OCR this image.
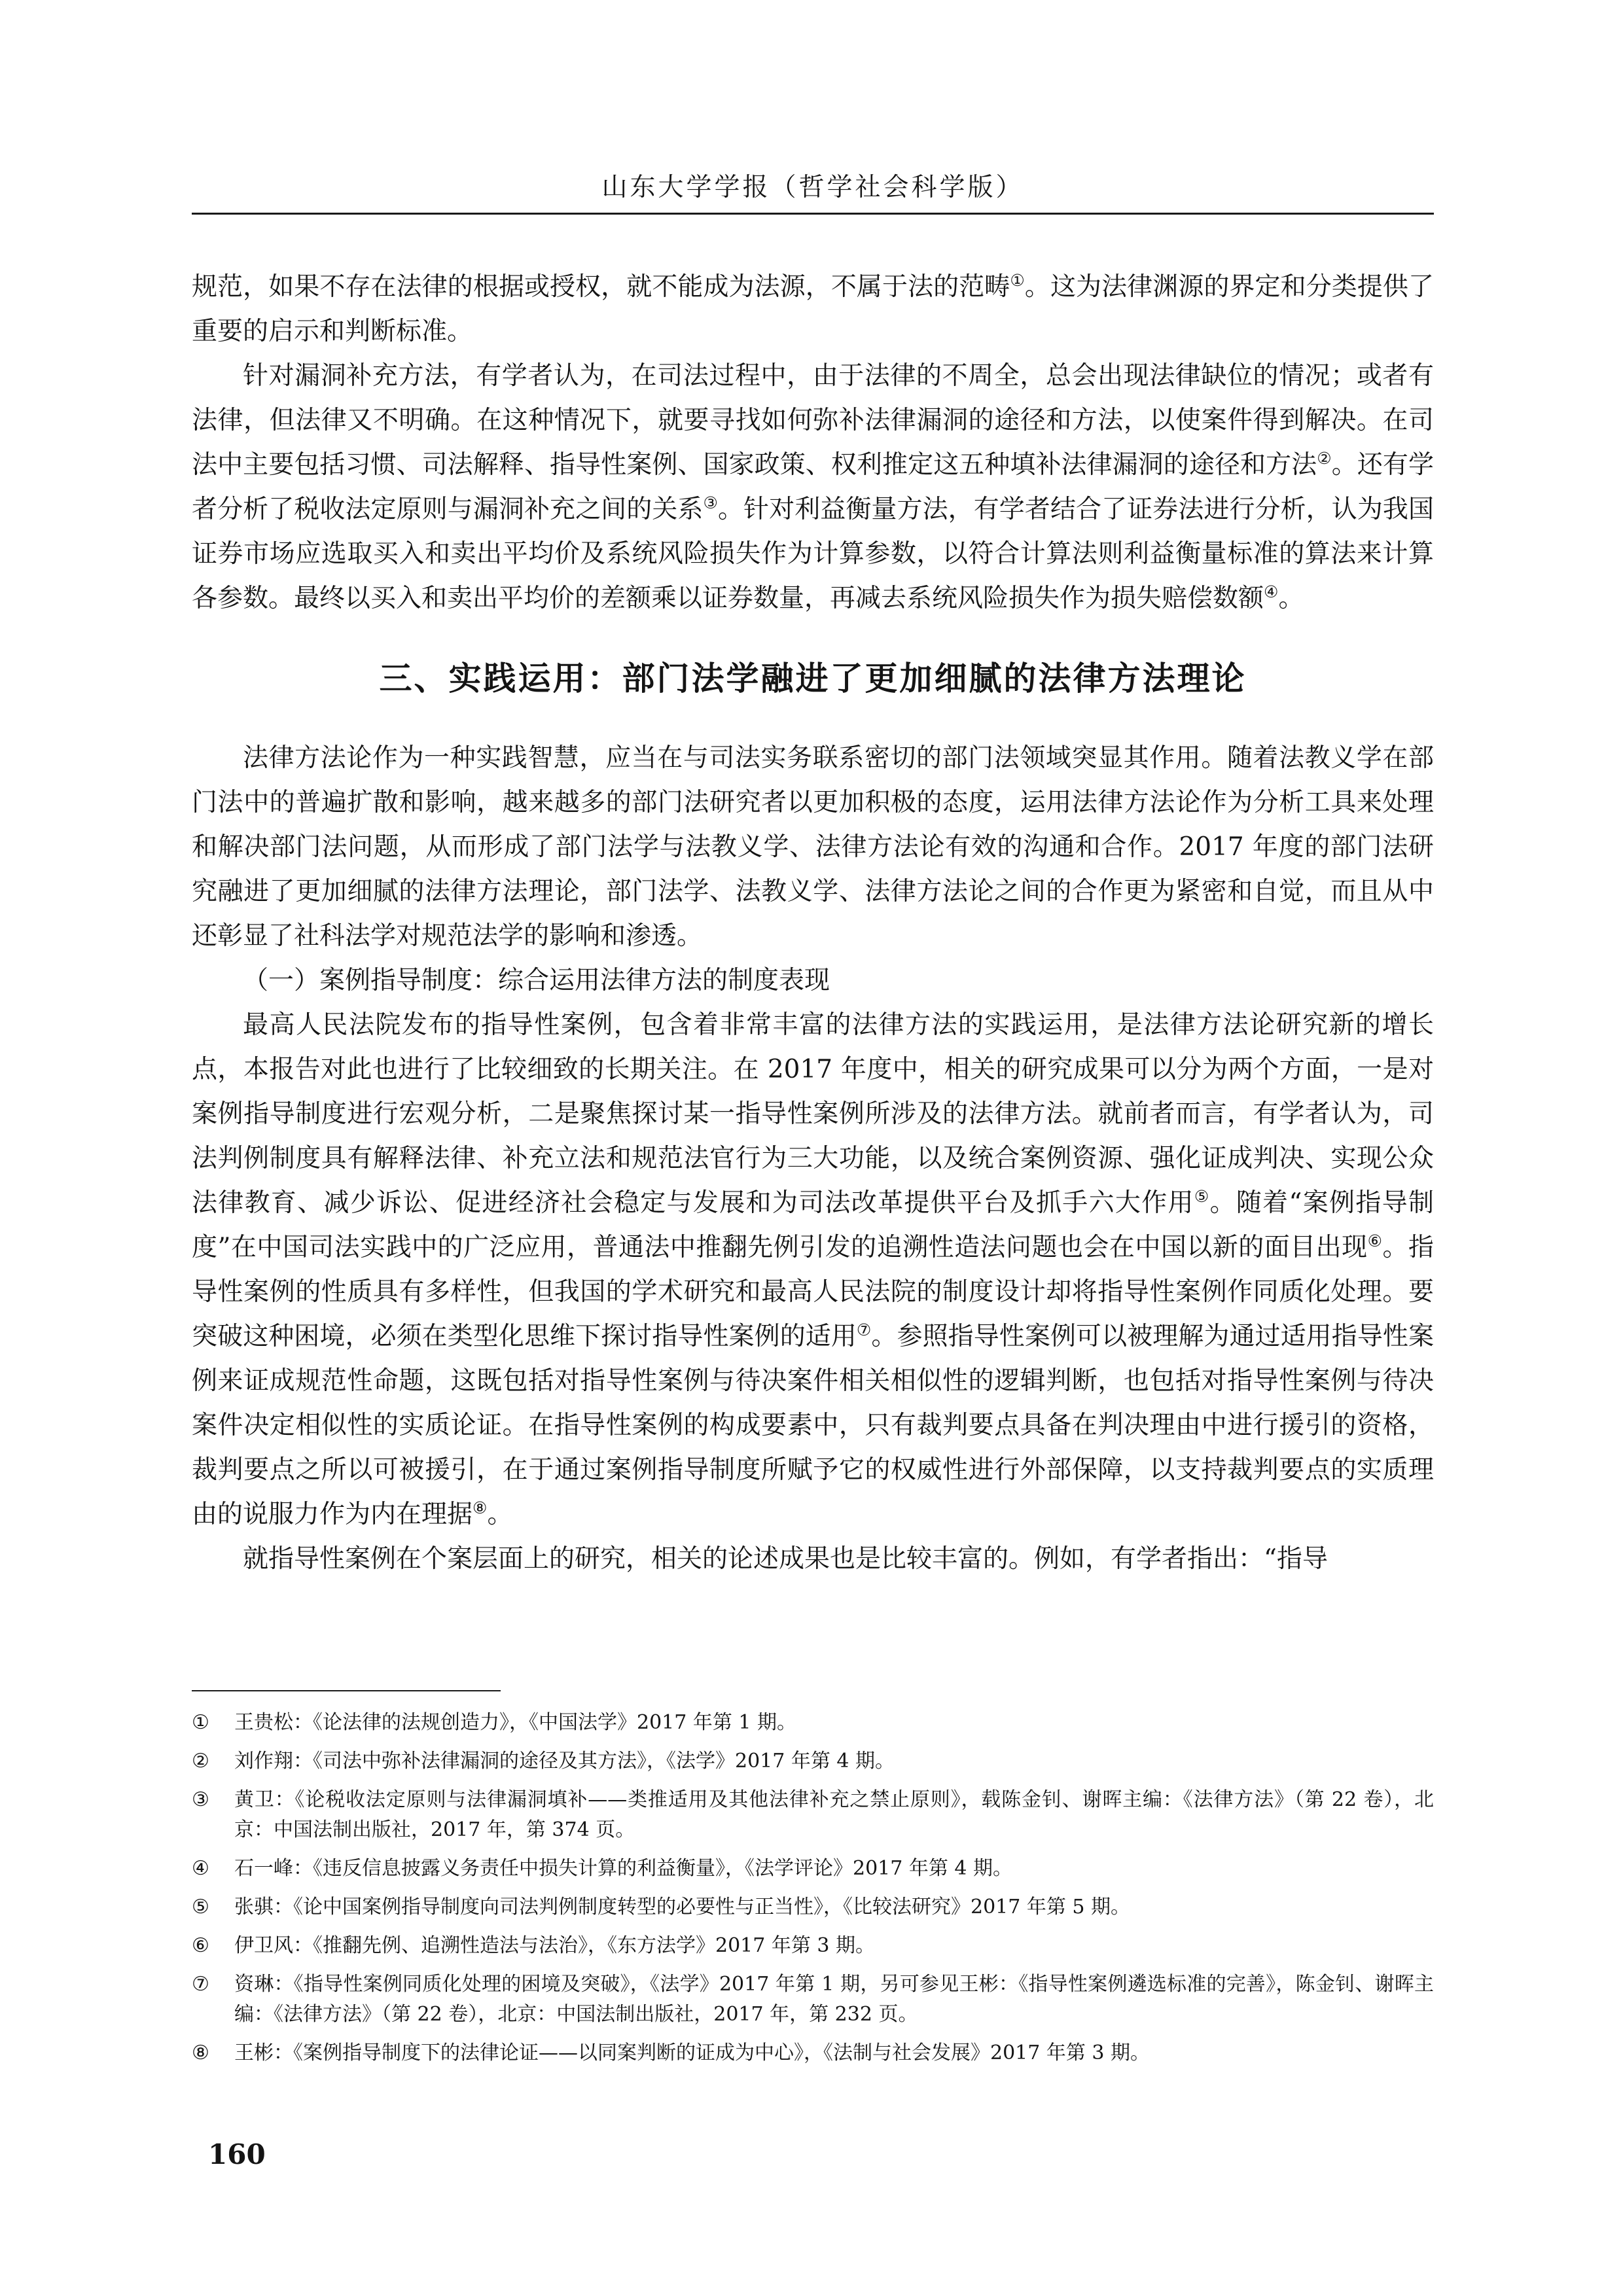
山东大学学报（哲学社会科学版）

规范，如果不存在法律的根据或授权，就不能成为法源，不属于法的范畴①。这为法律渊源的界定和分类提供了重要的启示和判断标准。

针对漏洞补充方法，有学者认为，在司法过程中，由于法律的不周全，总会出现法律缺位的情况；或者有法律，但法律又不明确。在这种情况下，就要寻找如何弥补法律漏洞的途径和方法，以使案件得到解决。在司法中主要包括习惯、司法解释、指导性案例、国家政策、权利推定这五种填补法律漏洞的途径和方法②。还有学者分析了税收法定原则与漏洞补充之间的关系③。针对利益衡量方法，有学者结合了证券法进行分析，认为我国证券市场应选取买入和卖出平均价及系统风险损失作为计算参数，以符合计算法则利益衡量标准的算法来计算各参数。最终以买入和卖出平均价的差额乘以证券数量，再减去系统风险损失作为损失赔偿数额④。

三、实践运用：部门法学融进了更加细腻的法律方法理论

法律方法论作为一种实践智慧，应当在与司法实务联系密切的部门法领域突显其作用。随着法教义学在部门法中的普遍扩散和影响，越来越多的部门法研究者以更加积极的态度，运用法律方法论作为分析工具来处理和解决部门法问题，从而形成了部门法学与法教义学、法律方法论有效的沟通和合作。2017 年度的部门法研究融进了更加细腻的法律方法理论，部门法学、法教义学、法律方法论之间的合作更为紧密和自觉，而且从中还彰显了社科法学对规范法学的影响和渗透。

（一）案例指导制度：综合运用法律方法的制度表现

最高人民法院发布的指导性案例，包含着非常丰富的法律方法的实践运用，是法律方法论研究新的增长点，本报告对此也进行了比较细致的长期关注。在 2017 年度中，相关的研究成果可以分为两个方面，一是对案例指导制度进行宏观分析，二是聚焦探讨某一指导性案例所涉及的法律方法。就前者而言，有学者认为，司法判例制度具有解释法律、补充立法和规范法官行为三大功能，以及统合案例资源、强化证成判决、实现公众法律教育、减少诉讼、促进经济社会稳定与发展和为司法改革提供平台及抓手六大作用⑤。随着“案例指导制度”在中国司法实践中的广泛应用，普通法中推翻先例引发的追溯性造法问题也会在中国以新的面目出现⑥。指导性案例的性质具有多样性，但我国的学术研究和最高人民法院的制度设计却将指导性案例作同质化处理。要突破这种困境，必须在类型化思维下探讨指导性案例的适用⑦。参照指导性案例可以被理解为通过适用指导性案例来证成规范性命题，这既包括对指导性案例与待决案件相关相似性的逻辑判断，也包括对指导性案例与待决案件决定相似性的实质论证。在指导性案例的构成要素中，只有裁判要点具备在判决理由中进行援引的资格，裁判要点之所以可被援引，在于通过案例指导制度所赋予它的权威性进行外部保障，以支持裁判要点的实质理由的说服力作为内在理据⑧。

就指导性案例在个案层面上的研究，相关的论述成果也是比较丰富的。例如，有学者指出：“指导

① 王贵松：《论法律的法规创造力》，《中国法学》2017 年第 1 期。
② 刘作翔：《司法中弥补法律漏洞的途径及其方法》，《法学》2017 年第 4 期。
③ 黄卫：《论税收法定原则与法律漏洞填补——类推适用及其他法律补充之禁止原则》，载陈金钊、谢晖主编：《法律方法》（第 22 卷），北京：中国法制出版社，2017 年，第 374 页。
④ 石一峰：《违反信息披露义务责任中损失计算的利益衡量》，《法学评论》2017 年第 4 期。
⑤ 张骐：《论中国案例指导制度向司法判例制度转型的必要性与正当性》，《比较法研究》2017 年第 5 期。
⑥ 伊卫风：《推翻先例、追溯性造法与法治》，《东方法学》2017 年第 3 期。
⑦ 资琳：《指导性案例同质化处理的困境及突破》，《法学》2017 年第 1 期，另可参见王彬：《指导性案例遴选标准的完善》，陈金钊、谢晖主编：《法律方法》（第 22 卷），北京：中国法制出版社，2017 年，第 232 页。
⑧ 王彬：《案例指导制度下的法律论证——以同案判断的证成为中心》，《法制与社会发展》2017 年第 3 期。
160
